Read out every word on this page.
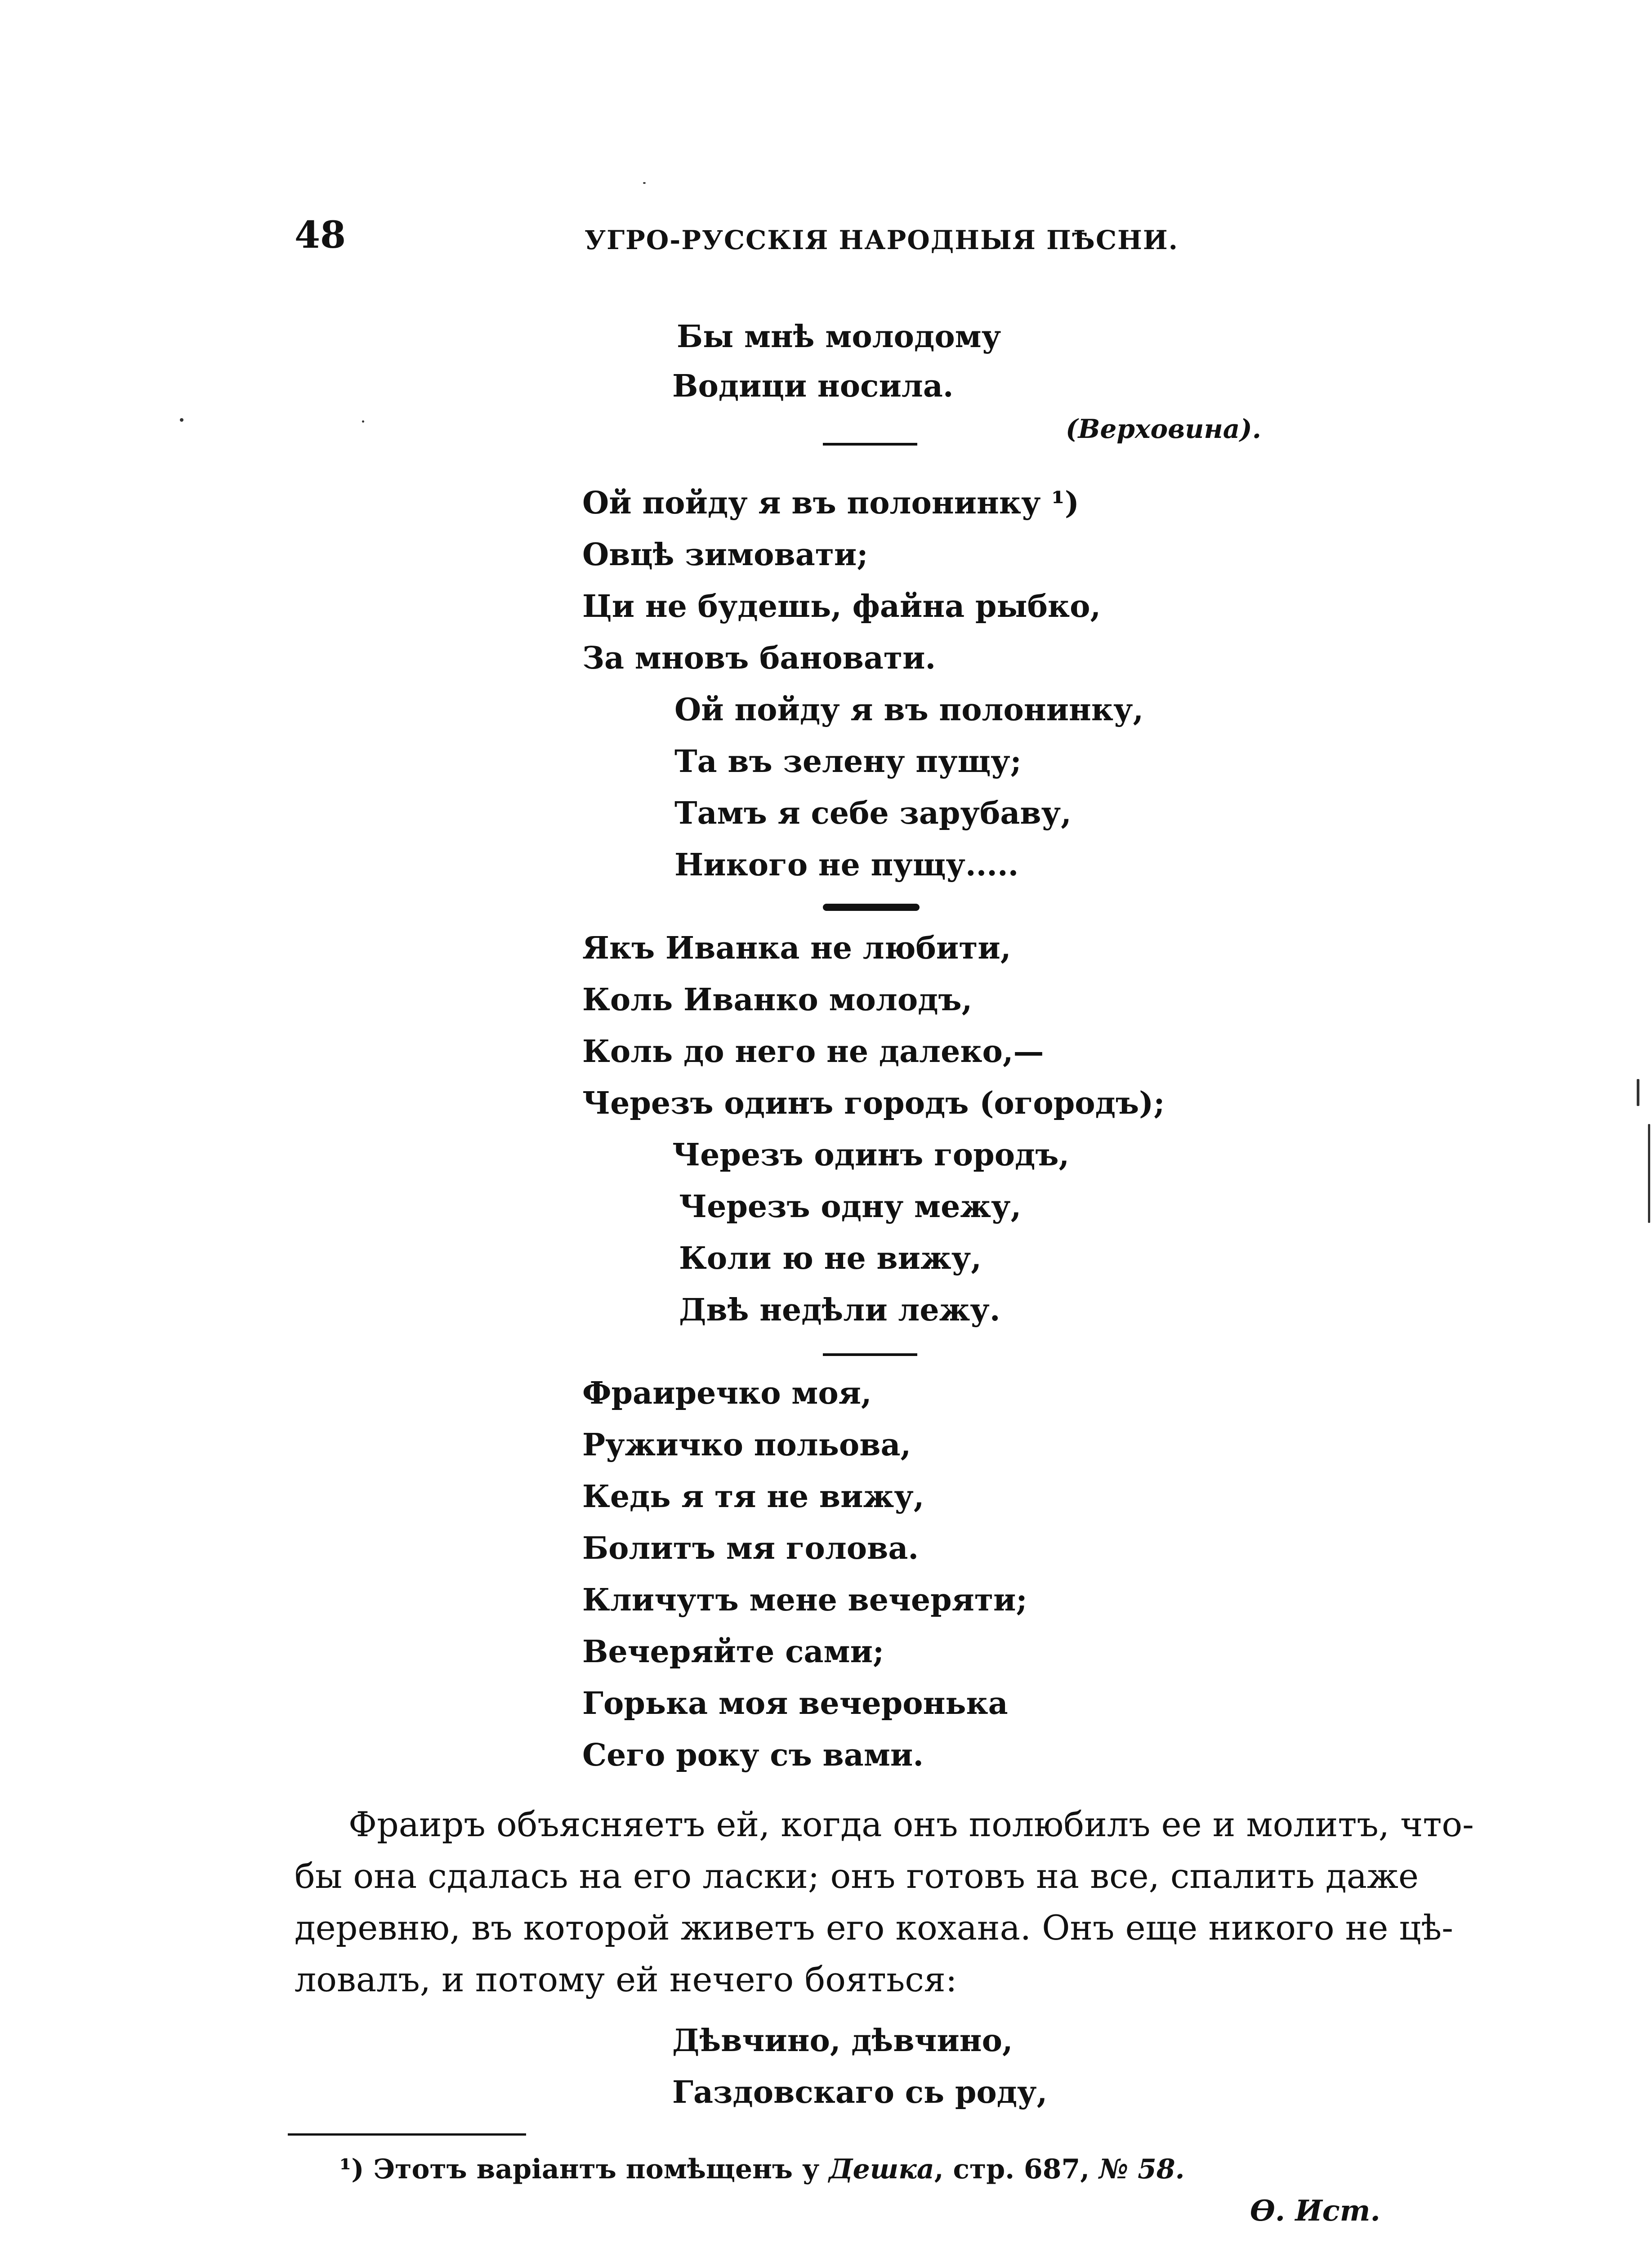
48	УГРО-РУССКІЯ НАРОДНЫЯ ПѢСНИ.
Бы мнѣ молодому
Водици носила.
(Верховина).
Ой пойду я въ полонинку ¹)
Овцѣ зимовати;
Ци не будешь, файна рыбко,
За мновъ бановати.
Ой пойду я въ полонинку,
Та въ зелену пущу;
Тамъ я себе зарубаву,
Никого не пущу.....
Якъ Иванка не любити,
Коль Иванко молодъ,
Коль до него не далеко,—
Черезъ одинъ городъ (огородъ);
Черезъ одинъ городъ,
Черезъ одну межу,
Коли ю не вижу,
Двѣ недѣли лежу.
Фраиречко моя,
Ружичко польова,
Кедь я тя не вижу,
Болитъ мя голова.
Кличутъ мене вечеряти;
Вечеряйте сами;
Горька моя вечеронька
Сего року съ вами.
Фраиръ объясняетъ ей, когда онъ полюбилъ ее и молитъ, что-
бы она сдалась на его ласки; онъ готовъ на все, спалить даже
деревню, въ которой живетъ его кохана. Онъ еще никого не цѣ-
ловалъ, и потому ей нечего бояться:
Дѣвчино, дѣвчино,
Газдовскаго сь роду,
¹) Этотъ варіантъ помѣщенъ у Дешка, стр. 687, № 58.
Ѳ. Ист.
